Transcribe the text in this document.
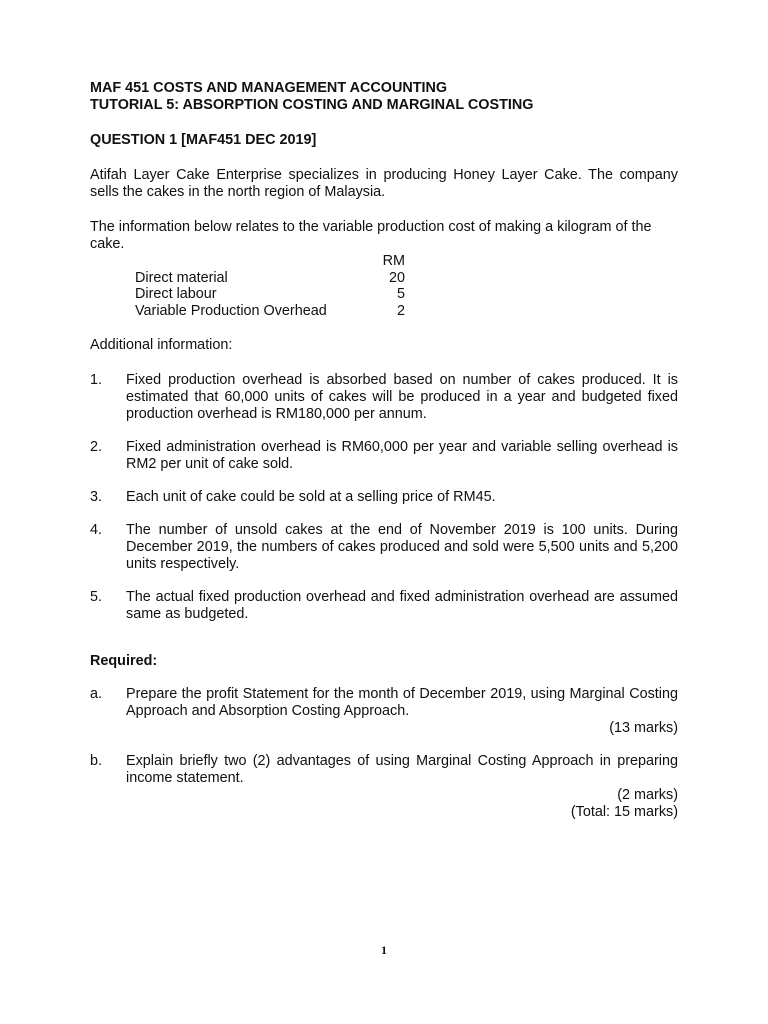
MAF 451 COSTS AND MANAGEMENT ACCOUNTING

TUTORIAL 5: ABSORPTION COSTING AND MARGINAL COSTING

QUESTION 1 [MAF451 DEC 2019]

Atifah Layer Cake Enterprise specializes in producing Honey Layer Cake. The company sells the cakes in the north region of Malaysia.

The information below relates to the variable production cost of making a kilogram of the cake.

RM
Direct material	20
Direct labour	5
Variable Production Overhead	2

Additional information:

1.	Fixed production overhead is absorbed based on number of cakes produced. It is estimated that 60,000 units of cakes will be produced in a year and budgeted fixed production overhead is RM180,000 per annum.
2.	Fixed administration overhead is RM60,000 per year and variable selling overhead is RM2 per unit of cake sold.
3.	Each unit of cake could be sold at a selling price of RM45.
4.	The number of unsold cakes at the end of November 2019 is 100 units. During December 2019, the numbers of cakes produced and sold were 5,500 units and 5,200 units respectively.
5.	The actual fixed production overhead and fixed administration overhead are assumed same as budgeted.

Required:

a.	Prepare the profit Statement for the month of December 2019, using Marginal Costing Approach and Absorption Costing Approach.
(13 marks)
b.	Explain briefly two (2) advantages of using Marginal Costing Approach in preparing income statement.
(2 marks)
(Total: 15 marks)
1
